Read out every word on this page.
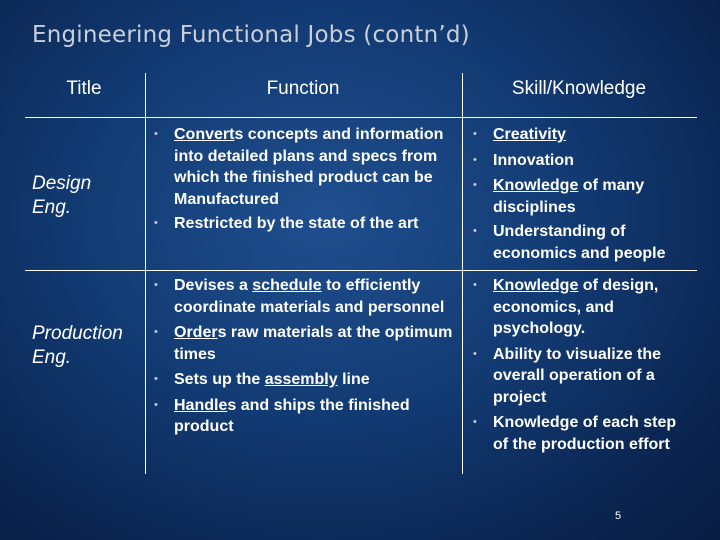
Engineering Functional Jobs (contn’d)
Title	Function	Skill/Knowledge
Design
Eng.
• Converts concepts and information into detailed plans and specs from which the finished product can be Manufactured
• Restricted by the state of the art
• Creativity
• Innovation
• Knowledge of many disciplines
• Understanding of economics and people
Production
Eng.
• Devises a schedule to efficiently coordinate materials and personnel
• Orders raw materials at the optimum times
• Sets up the assembly line
• Handles and ships the finished product
• Knowledge of design, economics, and psychology.
• Ability to visualize the overall operation of a project
• Knowledge of each step of the production effort
5
